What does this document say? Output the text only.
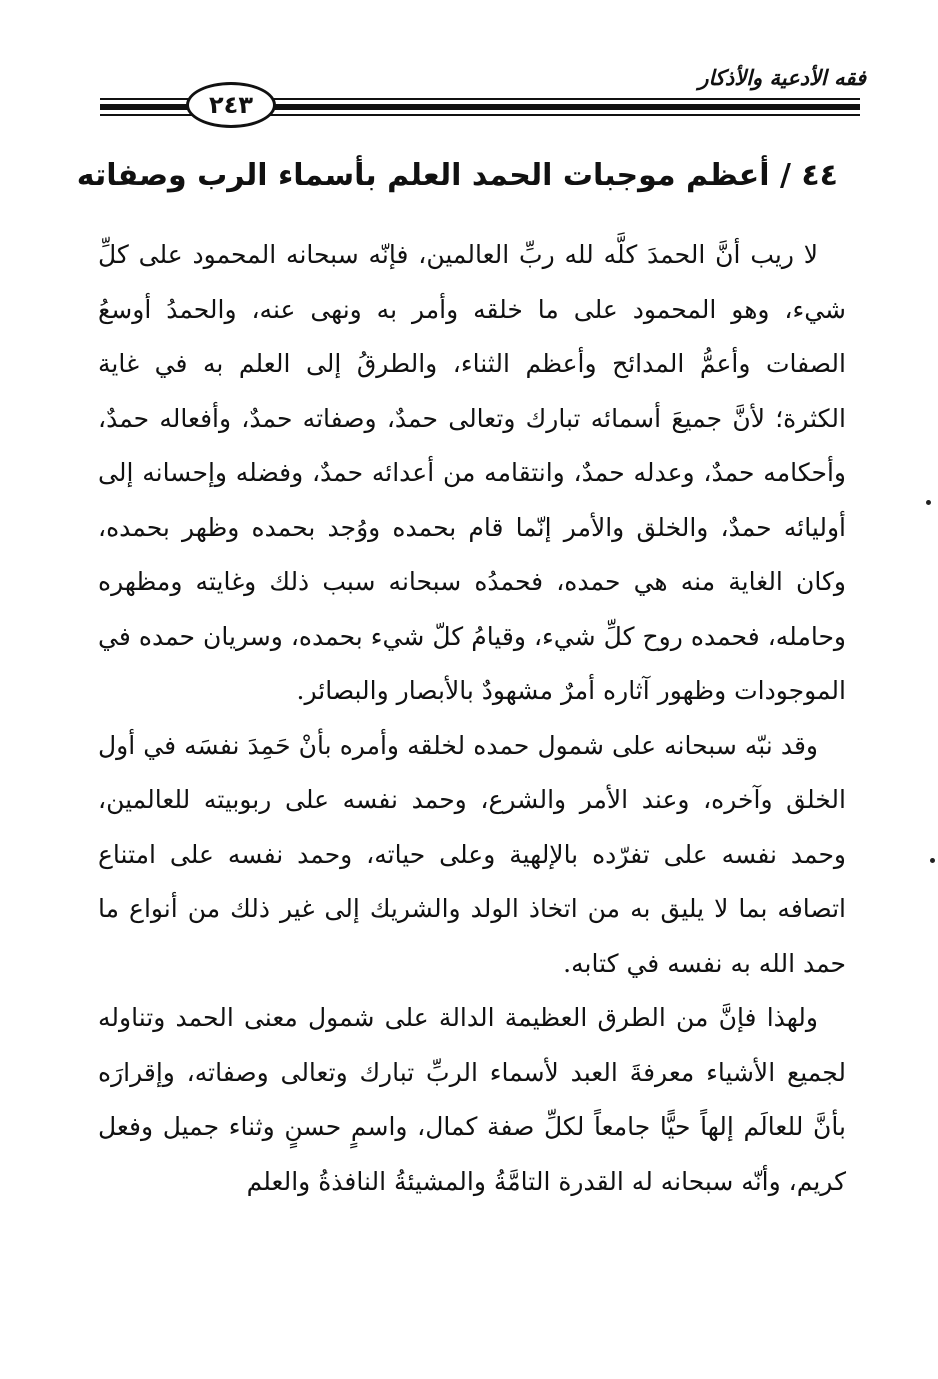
فقه الأدعية والأذكار
٢٤٣
٤٤ / أعظم موجبات الحمد العلم بأسماء الرب وصفاته

لا ريب أنَّ الحمدَ كلَّه لله ربِّ العالمين، فإنّه سبحانه المحمود على كلِّ شيء، وهو المحمود على ما خلقه وأمر به ونهى عنه، والحمدُ أوسعُ الصفات وأعمُّ المدائح وأعظم الثناء، والطرقُ إلى العلم به في غاية الكثرة؛ لأنَّ جميعَ أسمائه تبارك وتعالى حمدٌ، وصفاته حمدٌ، وأفعاله حمدٌ، وأحكامه حمدٌ، وعدله حمدٌ، وانتقامه من أعدائه حمدٌ، وفضله وإحسانه إلى أوليائه حمدٌ، والخلق والأمر إنّما قام بحمده ووُجد بحمده وظهر بحمده، وكان الغاية منه هي حمده، فحمدُه سبحانه سبب ذلك وغايته ومظهره وحامله، فحمده روح كلِّ شيء، وقيامُ كلّ شيء بحمده، وسريان حمده في الموجودات وظهور آثاره أمرٌ مشهودٌ بالأبصار والبصائر.

وقد نبّه سبحانه على شمول حمده لخلقه وأمره بأنْ حَمِدَ نفسَه في أول الخلق وآخره، وعند الأمر والشرع، وحمد نفسه على ربوبيته للعالمين، وحمد نفسه على تفرّده بالإلهية وعلى حياته، وحمد نفسه على امتناع اتصافه بما لا يليق به من اتخاذ الولد والشريك إلى غير ذلك من أنواع ما حمد الله به نفسه في كتابه.

ولهذا فإنَّ من الطرق العظيمة الدالة على شمول معنى الحمد وتناوله لجميع الأشياء معرفةَ العبد لأسماء الربِّ تبارك وتعالى وصفاته، وإقرارَه بأنَّ للعالَم إلهاً حيًّا جامعاً لكلِّ صفة كمال، واسمٍ حسنٍ وثناء جميل وفعل كريم، وأنّه سبحانه له القدرة التامَّةُ والمشيئةُ النافذةُ والعلم
